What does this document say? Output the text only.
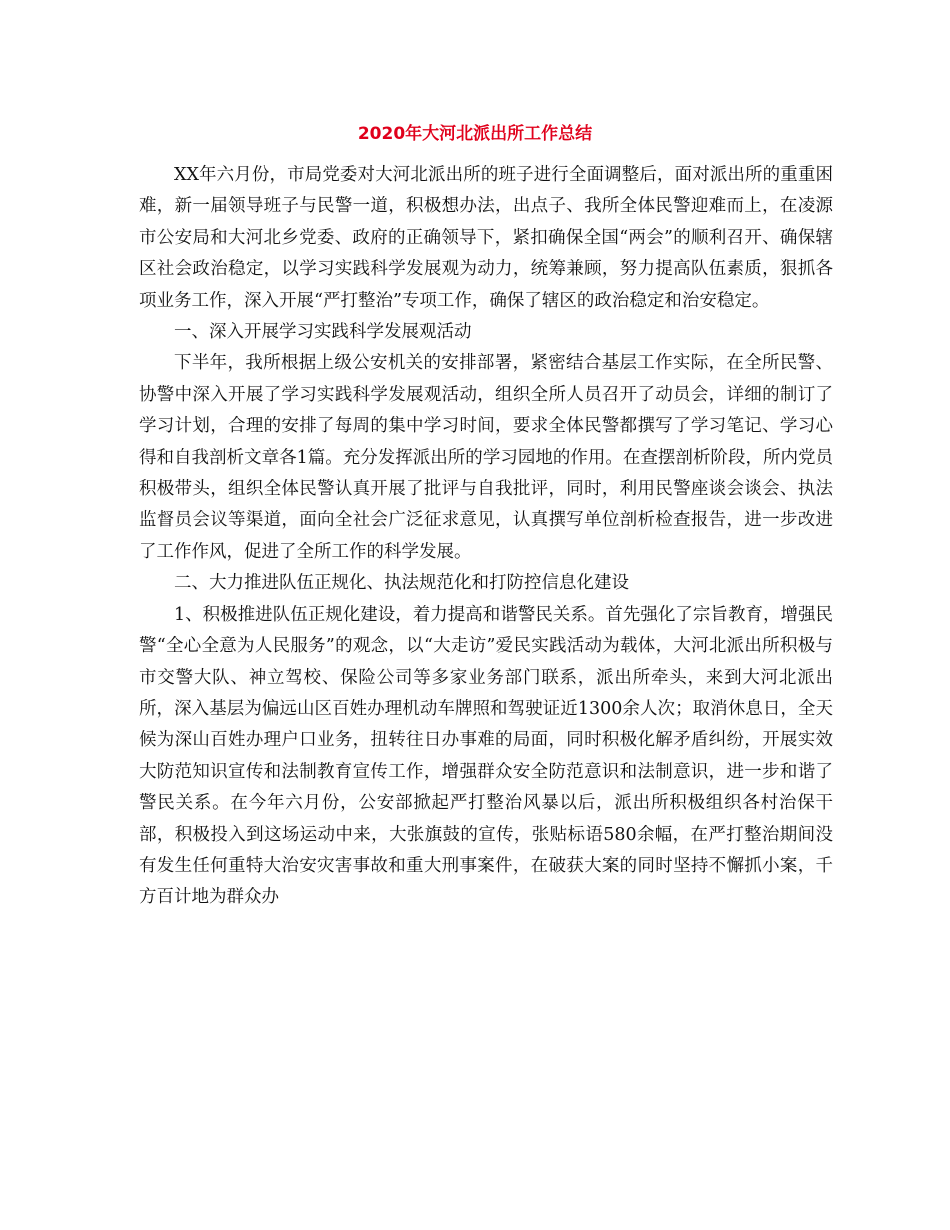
2020年大河北派出所工作总结

XX年六月份，市局党委对大河北派出所的班子进行全面调整后，面对派出所的重重困难，新一届领导班子与民警一道，积极想办法，出点子、我所全体民警迎难而上，在凌源市公安局和大河北乡党委、政府的正确领导下，紧扣确保全国“两会”的顺利召开、确保辖区社会政治稳定，以学习实践科学发展观为动力，统筹兼顾，努力提高队伍素质，狠抓各项业务工作，深入开展“严打整治”专项工作，确保了辖区的政治稳定和治安稳定。

一、深入开展学习实践科学发展观活动

下半年，我所根据上级公安机关的安排部署，紧密结合基层工作实际，在全所民警、协警中深入开展了学习实践科学发展观活动，组织全所人员召开了动员会，详细的制订了学习计划，合理的安排了每周的集中学习时间，要求全体民警都撰写了学习笔记、学习心得和自我剖析文章各1篇。充分发挥派出所的学习园地的作用。在查摆剖析阶段，所内党员积极带头，组织全体民警认真开展了批评与自我批评，同时，利用民警座谈会谈会、执法监督员会议等渠道，面向全社会广泛征求意见，认真撰写单位剖析检查报告，进一步改进了工作作风，促进了全所工作的科学发展。

二、大力推进队伍正规化、执法规范化和打防控信息化建设

1、积极推进队伍正规化建设，着力提高和谐警民关系。首先强化了宗旨教育，增强民警“全心全意为人民服务”的观念，以“大走访”爱民实践活动为载体，大河北派出所积极与市交警大队、神立驾校、保险公司等多家业务部门联系，派出所牵头，来到大河北派出所，深入基层为偏远山区百姓办理机动车牌照和驾驶证近1300余人次；取消休息日，全天候为深山百姓办理户口业务，扭转往日办事难的局面，同时积极化解矛盾纠纷，开展实效大防范知识宣传和法制教育宣传工作，增强群众安全防范意识和法制意识，进一步和谐了警民关系。在今年六月份，公安部掀起严打整治风暴以后，派出所积极组织各村治保干部，积极投入到这场运动中来，大张旗鼓的宣传，张贴标语580余幅，在严打整治期间没有发生任何重特大治安灾害事故和重大刑事案件，在破获大案的同时坚持不懈抓小案，千方百计地为群众办
